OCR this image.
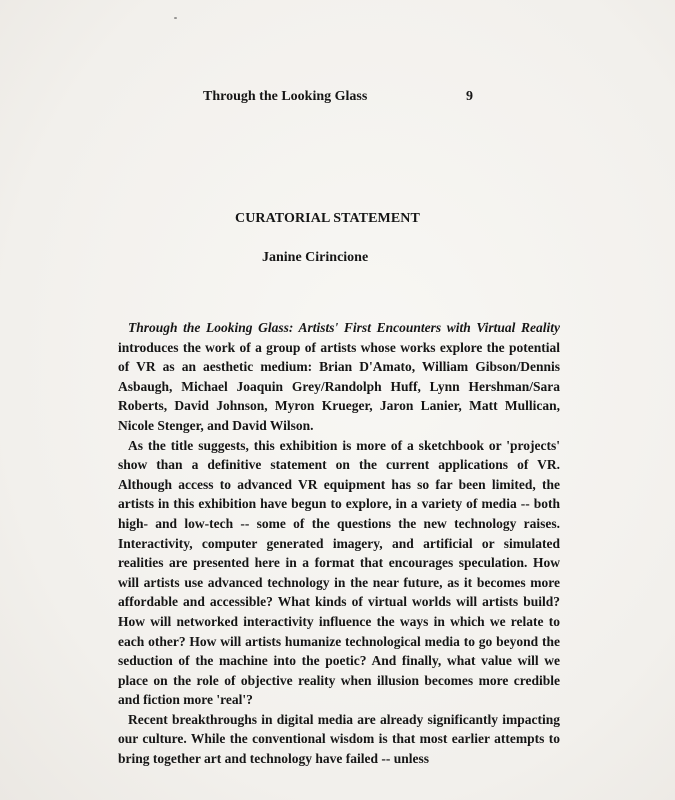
Through the Looking Glass	9
CURATORIAL STATEMENT
Janine Cirincione

Through the Looking Glass: Artists' First Encounters with Virtual Reality introduces the work of a group of artists whose works explore the potential of VR as an aesthetic medium: Brian D'Amato, William Gibson/Dennis Asbaugh, Michael Joaquin Grey/Randolph Huff, Lynn Hershman/Sara Roberts, David Johnson, Myron Krueger, Jaron Lanier, Matt Mullican, Nicole Stenger, and David Wilson.

As the title suggests, this exhibition is more of a sketchbook or 'projects' show than a definitive statement on the current applications of VR. Although access to advanced VR equipment has so far been limited, the artists in this exhibition have begun to explore, in a variety of media -- both high- and low-tech -- some of the questions the new technology raises. Interactivity, computer generated imagery, and artificial or simulated realities are presented here in a format that encourages speculation. How will artists use advanced technology in the near future, as it becomes more affordable and accessible? What kinds of virtual worlds will artists build? How will networked interactivity influence the ways in which we relate to each other? How will artists humanize technological media to go beyond the seduction of the machine into the poetic? And finally, what value will we place on the role of objective reality when illusion becomes more credible and fiction more 'real'?

Recent breakthroughs in digital media are already significantly impacting our culture. While the conventional wisdom is that most earlier attempts to bring together art and technology have failed -- unless
